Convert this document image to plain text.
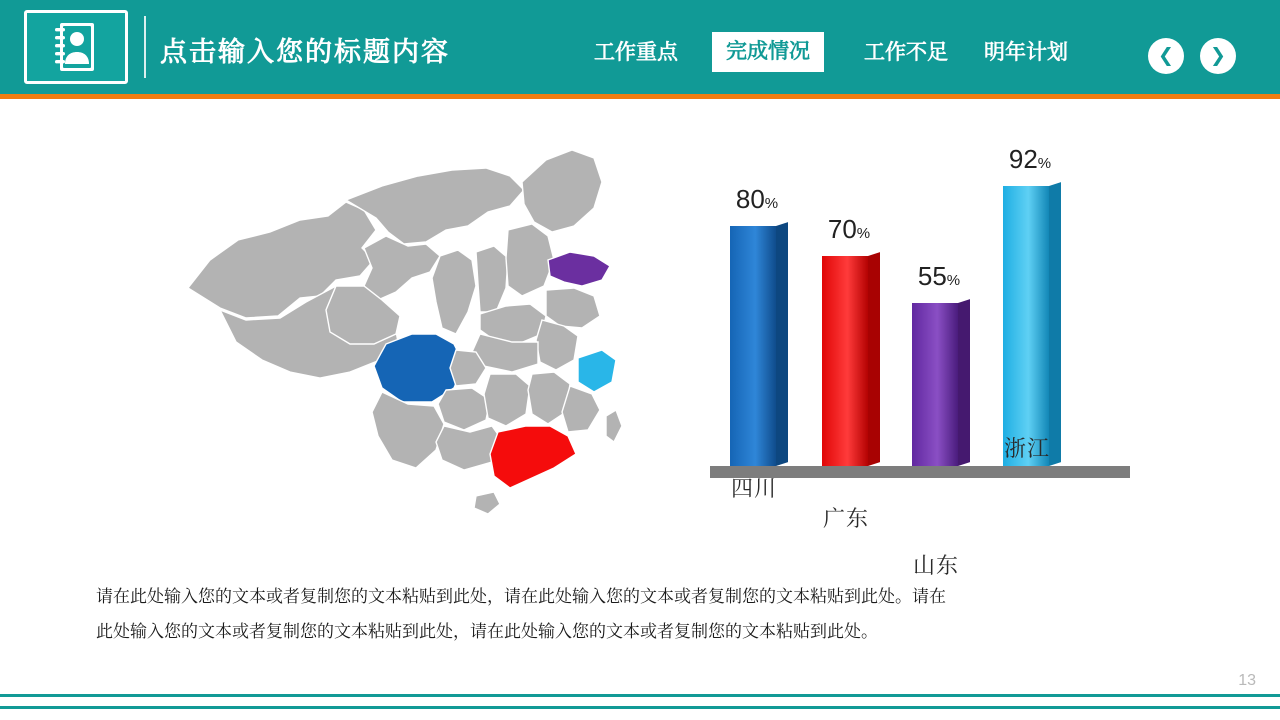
点击输入您的标题内容	工作重点	完成情况	工作不足	明年计划	❮ ❯
80%
四川
70%
广东
55%
山东
92%
浙江
请在此处输入您的文本或者复制您的文本粘贴到此处，请在此处输入您的文本或者复制您的文本粘贴到此处。请在
此处输入您的文本或者复制您的文本粘贴到此处，请在此处输入您的文本或者复制您的文本粘贴到此处。
13
